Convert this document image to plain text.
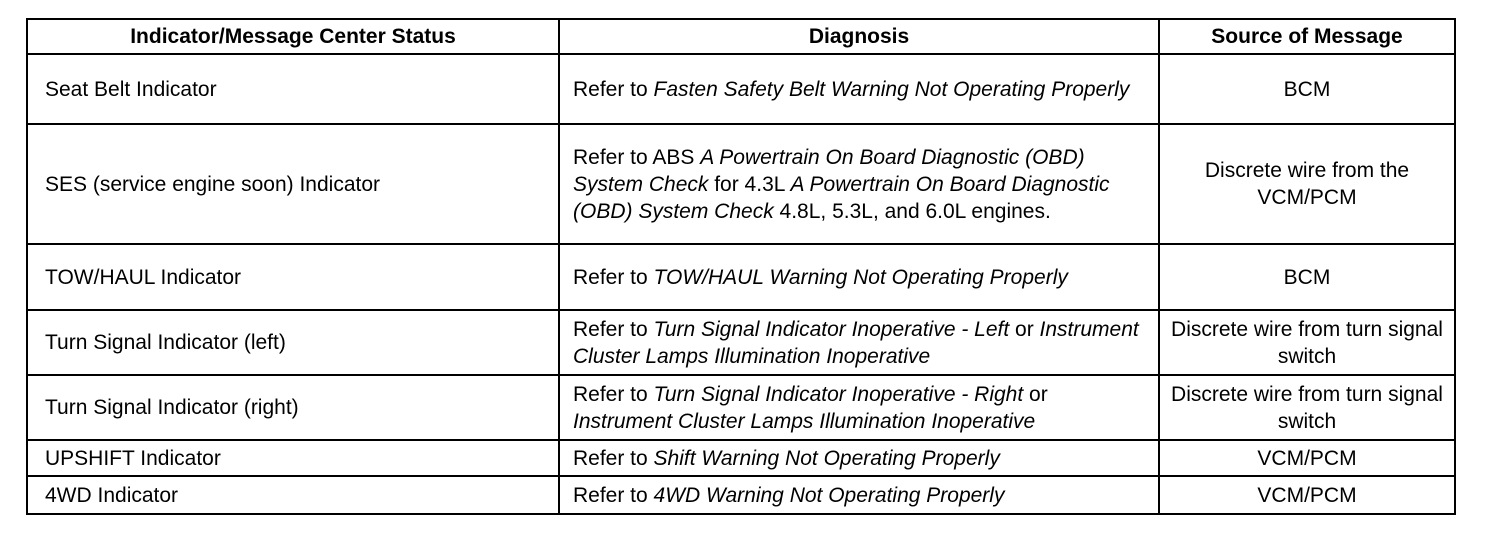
Indicator/Message Center Status	Diagnosis	Source of Message
Seat Belt Indicator	Refer to Fasten Safety Belt Warning Not Operating Properly	BCM
SES (service engine soon) Indicator	Refer to ABS A Powertrain On Board Diagnostic (OBD) System Check for 4.3L A Powertrain On Board Diagnostic (OBD) System Check 4.8L, 5.3L, and 6.0L engines.	Discrete wire from the VCM/PCM
TOW/HAUL Indicator	Refer to TOW/HAUL Warning Not Operating Properly	BCM
Turn Signal Indicator (left)	Refer to Turn Signal Indicator Inoperative - Left or Instrument Cluster Lamps Illumination Inoperative	Discrete wire from turn signal switch
Turn Signal Indicator (right)	Refer to Turn Signal Indicator Inoperative - Right or Instrument Cluster Lamps Illumination Inoperative	Discrete wire from turn signal switch
UPSHIFT Indicator	Refer to Shift Warning Not Operating Properly	VCM/PCM
4WD Indicator	Refer to 4WD Warning Not Operating Properly	VCM/PCM
